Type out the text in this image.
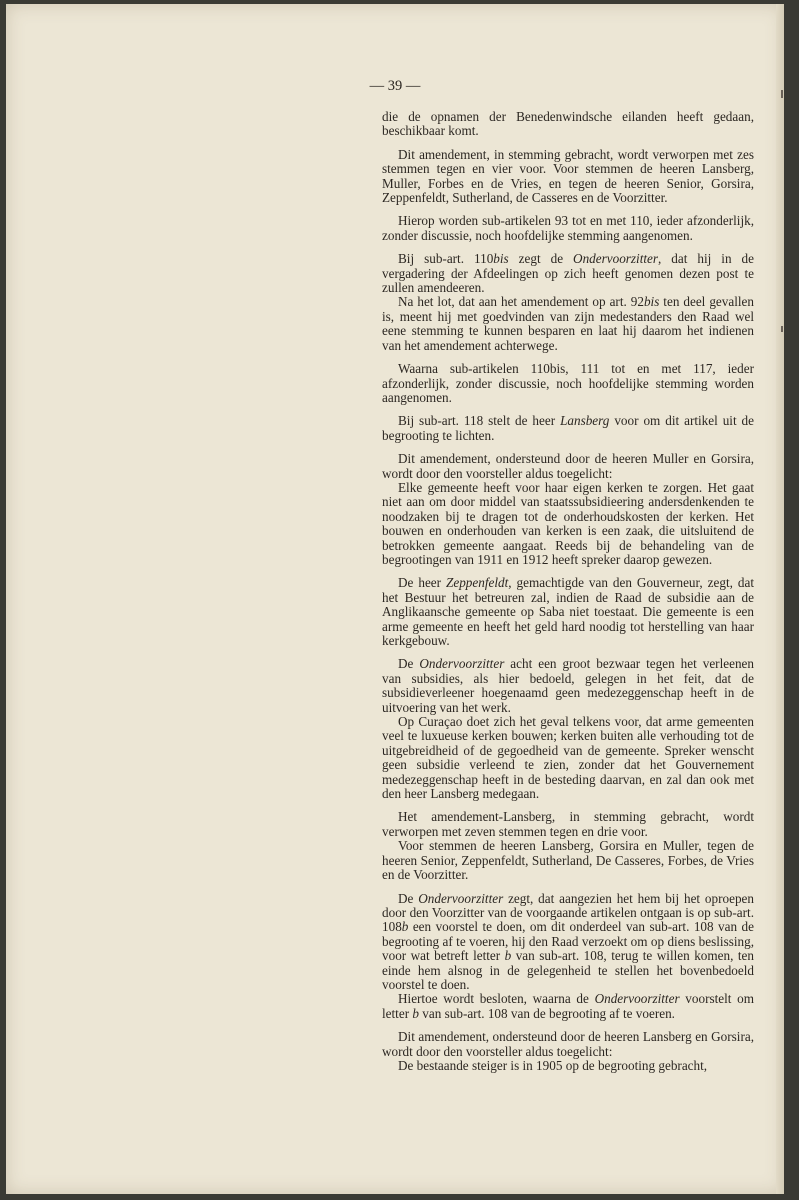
— 39 —

die de opnamen der Benedenwindsche eilanden heeft gedaan, beschikbaar komt.

Dit amendement, in stemming gebracht, wordt verworpen met zes stemmen tegen en vier voor. Voor stemmen de heeren Lansberg, Muller, Forbes en de Vries, en tegen de heeren Senior, Gorsira, Zeppenfeldt, Sutherland, de Casseres en de Voorzitter.

Hierop worden sub-artikelen 93 tot en met 110, ieder afzonderlijk, zonder discussie, noch hoofdelijke stemming aangenomen.

Bij sub-art. 110bis zegt de Ondervoorzitter, dat hij in de vergadering der Afdeelingen op zich heeft genomen dezen post te zullen amendeeren.

Na het lot, dat aan het amendement op art. 92bis ten deel gevallen is, meent hij met goedvinden van zijn medestanders den Raad wel eene stemming te kunnen besparen en laat hij daarom het indienen van het amendement achterwege.

Waarna sub-artikelen 110bis, 111 tot en met 117, ieder afzonderlijk, zonder discussie, noch hoofdelijke stemming worden aangenomen.

Bij sub-art. 118 stelt de heer Lansberg voor om dit artikel uit de begrooting te lichten.

Dit amendement, ondersteund door de heeren Muller en Gorsira, wordt door den voorsteller aldus toegelicht:

Elke gemeente heeft voor haar eigen kerken te zorgen. Het gaat niet aan om door middel van staatssubsidieering andersdenkenden te noodzaken bij te dragen tot de onderhoudskosten der kerken. Het bouwen en onderhouden van kerken is een zaak, die uitsluitend de betrokken gemeente aangaat. Reeds bij de behandeling van de begrootingen van 1911 en 1912 heeft spreker daarop gewezen.

De heer Zeppenfeldt, gemachtigde van den Gouverneur, zegt, dat het Bestuur het betreuren zal, indien de Raad de subsidie aan de Anglikaansche gemeente op Saba niet toestaat. Die gemeente is een arme gemeente en heeft het geld hard noodig tot herstelling van haar kerkgebouw.

De Ondervoorzitter acht een groot bezwaar tegen het verleenen van subsidies, als hier bedoeld, gelegen in het feit, dat de subsidieverleener hoegenaamd geen medezeggenschap heeft in de uitvoering van het werk.

Op Curaçao doet zich het geval telkens voor, dat arme gemeenten veel te luxueuse kerken bouwen; kerken buiten alle verhouding tot de uitgebreidheid of de gegoedheid van de gemeente. Spreker wenscht geen subsidie verleend te zien, zonder dat het Gouvernement medezeggenschap heeft in de besteding daarvan, en zal dan ook met den heer Lansberg medegaan.

Het amendement-Lansberg, in stemming gebracht, wordt verworpen met zeven stemmen tegen en drie voor.

Voor stemmen de heeren Lansberg, Gorsira en Muller, tegen de heeren Senior, Zeppenfeldt, Sutherland, De Casseres, Forbes, de Vries en de Voorzitter.

De Ondervoorzitter zegt, dat aangezien het hem bij het oproepen door den Voorzitter van de voorgaande artikelen ontgaan is op sub-art. 108b een voorstel te doen, om dit onderdeel van sub-art. 108 van de begrooting af te voeren, hij den Raad verzoekt om op diens beslissing, voor wat betreft letter b van sub-art. 108, terug te willen komen, ten einde hem alsnog in de gelegenheid te stellen het bovenbedoeld voorstel te doen.

Hiertoe wordt besloten, waarna de Ondervoorzitter voorstelt om letter b van sub-art. 108 van de begrooting af te voeren.

Dit amendement, ondersteund door de heeren Lansberg en Gorsira, wordt door den voorsteller aldus toegelicht:

De bestaande steiger is in 1905 op de begrooting gebracht,
